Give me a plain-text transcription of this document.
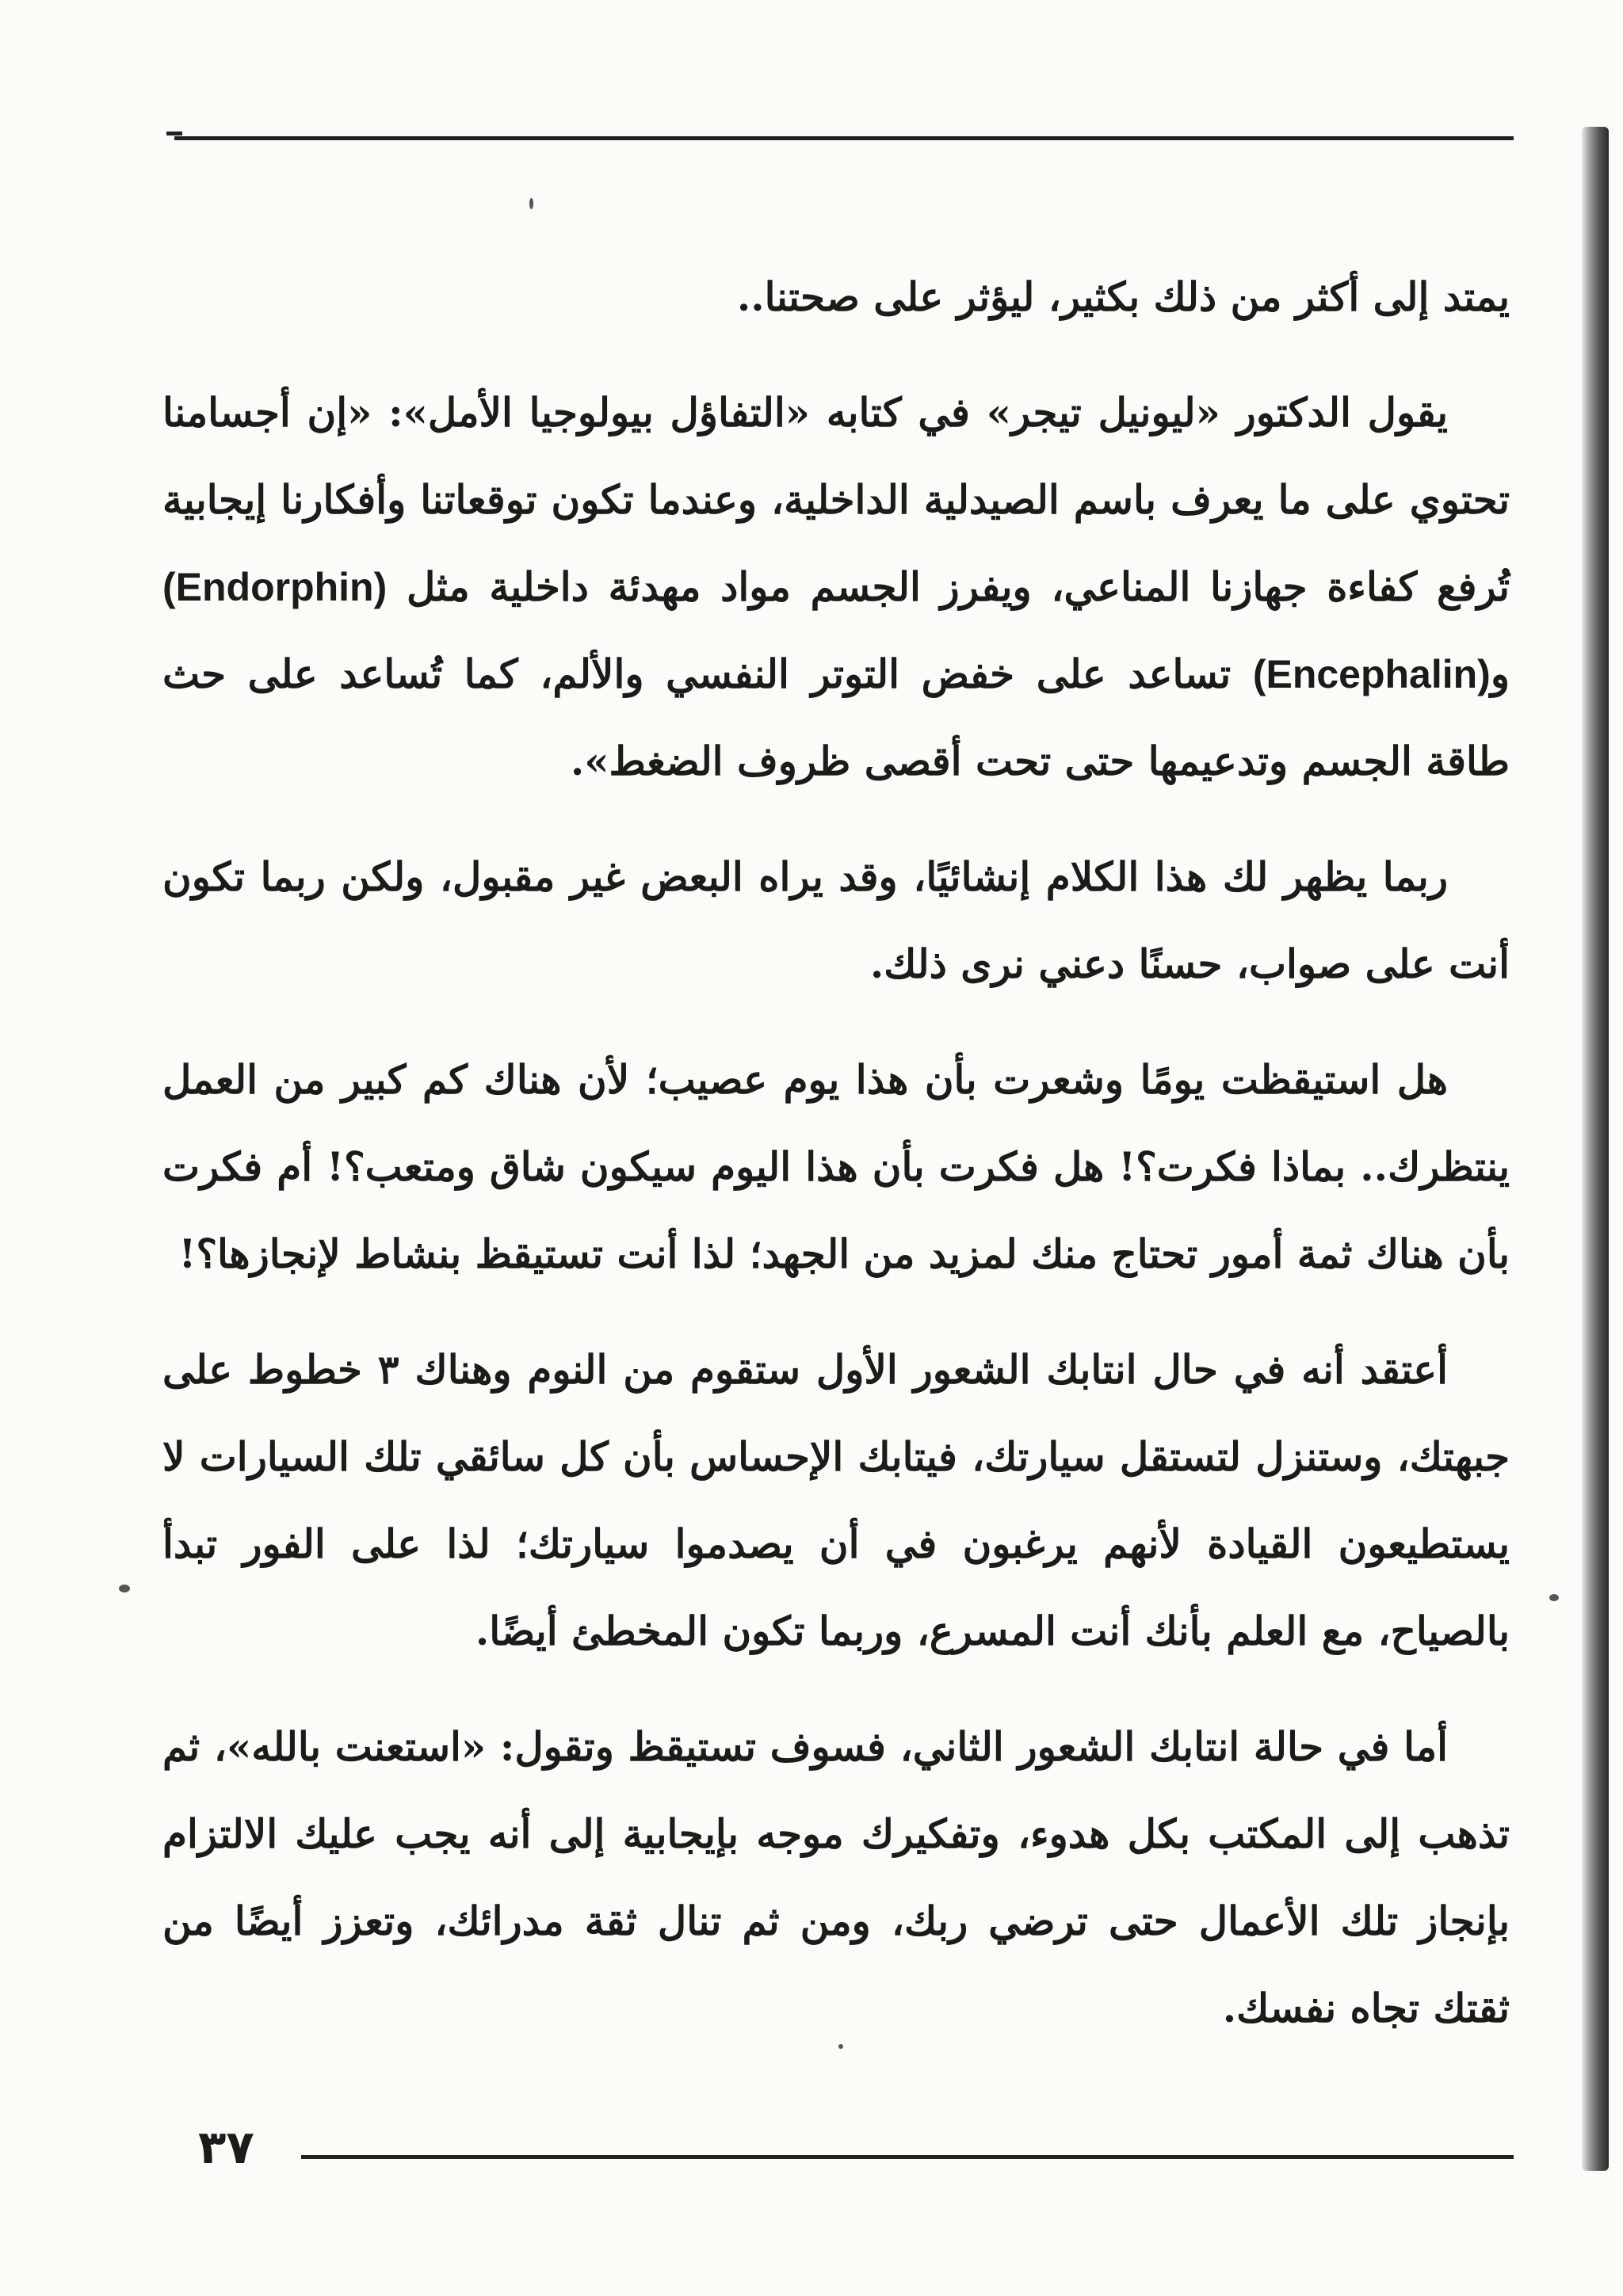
يمتد إلى أكثر من ذلك بكثير، ليؤثر على صحتنا..

يقول الدكتور «ليونيل تيجر» في كتابه «التفاؤل بيولوجيا الأمل»: «إن أجسامنا تحتوي على ما يعرف باسم الصيدلية الداخلية، وعندما تكون توقعاتنا وأفكارنا إيجابية تُرفع كفاءة جهازنا المناعي، ويفرز الجسم مواد مهدئة داخلية مثل (Endorphin) و(Encephalin) تساعد على خفض التوتر النفسي والألم، كما تُساعد على حث طاقة الجسم وتدعيمها حتى تحت أقصى ظروف الضغط».

ربما يظهر لك هذا الكلام إنشائيًا، وقد يراه البعض غير مقبول، ولكن ربما تكون أنت على صواب، حسنًا دعني نرى ذلك.

هل استيقظت يومًا وشعرت بأن هذا يوم عصيب؛ لأن هناك كم كبير من العمل ينتظرك.. بماذا فكرت؟! هل فكرت بأن هذا اليوم سيكون شاق ومتعب؟! أم فكرت بأن هناك ثمة أمور تحتاج منك لمزيد من الجهد؛ لذا أنت تستيقظ بنشاط لإنجازها؟!

أعتقد أنه في حال انتابك الشعور الأول ستقوم من النوم وهناك ٣ خطوط على جبهتك، وستنزل لتستقل سيارتك، فيتابك الإحساس بأن كل سائقي تلك السيارات لا يستطيعون القيادة لأنهم يرغبون في أن يصدموا سيارتك؛ لذا على الفور تبدأ بالصياح، مع العلم بأنك أنت المسرع، وربما تكون المخطئ أيضًا.

أما في حالة انتابك الشعور الثاني، فسوف تستيقظ وتقول: «استعنت بالله»، ثم تذهب إلى المكتب بكل هدوء، وتفكيرك موجه بإيجابية إلى أنه يجب عليك الالتزام بإنجاز تلك الأعمال حتى ترضي ربك، ومن ثم تنال ثقة مدرائك، وتعزز أيضًا من ثقتك تجاه نفسك.

٣٧
